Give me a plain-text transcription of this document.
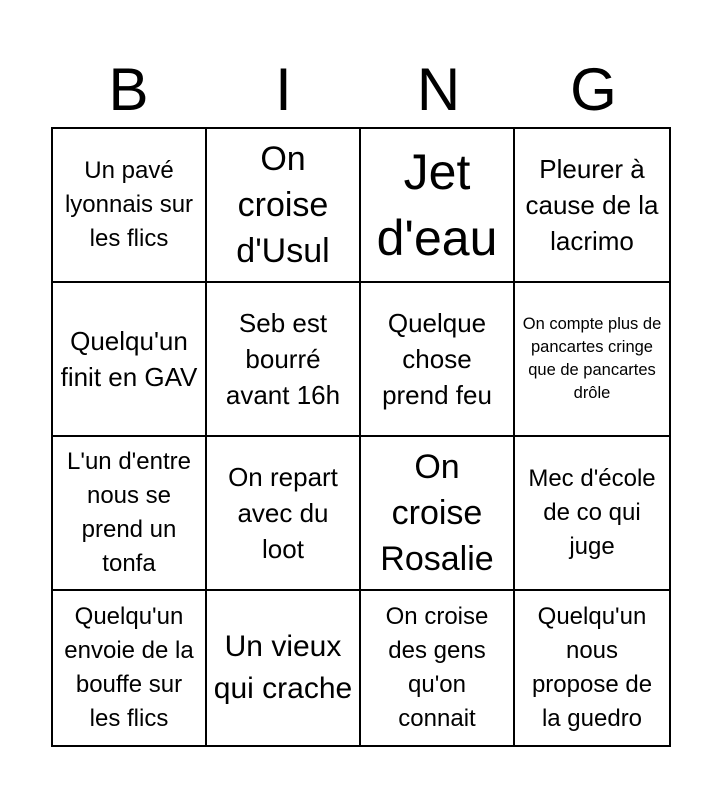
B	I	N	G
Un pavé lyonnais sur les flics
On croise d'Usul
Jet d'eau
Pleurer à cause de la lacrimo
Quelqu'un finit en GAV
Seb est bourré avant 16h
Quelque chose prend feu
On compte plus de pancartes cringe que de pancartes drôle
L'un d'entre nous se prend un tonfa
On repart avec du loot
On croise Rosalie
Mec d'école de co qui juge
Quelqu'un envoie de la bouffe sur les flics
Un vieux qui crache
On croise des gens qu'on connait
Quelqu'un nous propose de la guedro
